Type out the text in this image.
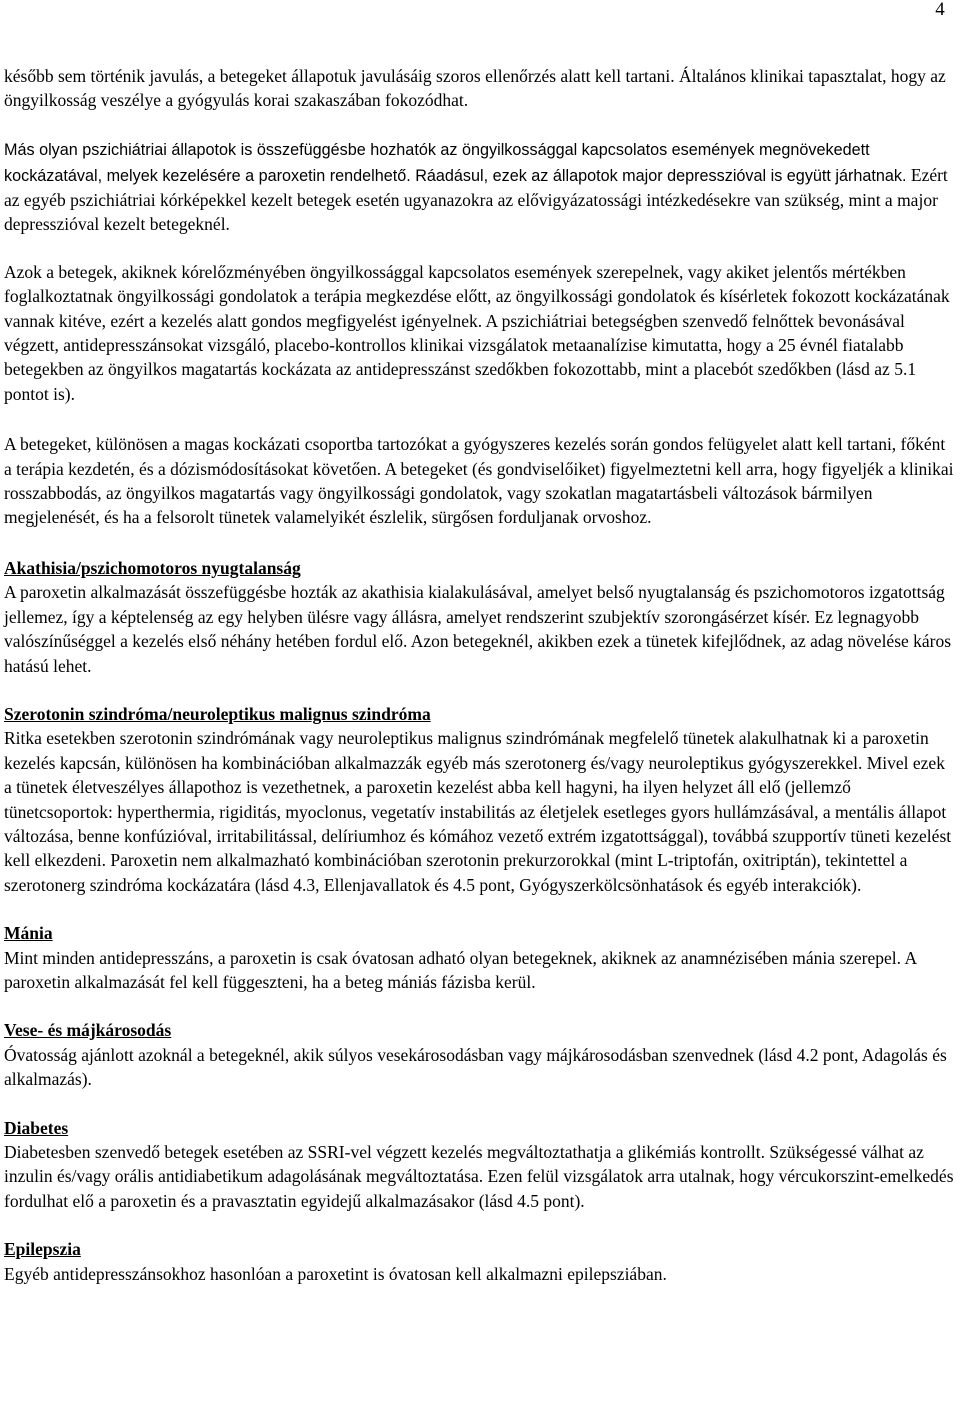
4

később sem történik javulás, a betegeket állapotuk javulásáig szoros ellenőrzés alatt kell tartani. Általános klinikai tapasztalat, hogy az öngyilkosság veszélye a gyógyulás korai szakaszában fokozódhat.

Más olyan pszichiátriai állapotok is összefüggésbe hozhatók az öngyilkossággal kapcsolatos események megnövekedett kockázatával, melyek kezelésére a paroxetin rendelhető. Ráadásul, ezek az állapotok major depresszióval is együtt járhatnak. Ezért az egyéb pszichiátriai kórképekkel kezelt betegek esetén ugyanazokra az elővigyázatossági intézkedésekre van szükség, mint a major depresszióval kezelt betegeknél.

Azok a betegek, akiknek kórelőzményében öngyilkossággal kapcsolatos események szerepelnek, vagy akiket jelentős mértékben foglalkoztatnak öngyilkossági gondolatok a terápia megkezdése előtt, az öngyilkossági gondolatok és kísérletek fokozott kockázatának vannak kitéve, ezért a kezelés alatt gondos megfigyelést igényelnek. A pszichiátriai betegségben szenvedő felnőttek bevonásával végzett, antidepresszánsokat vizsgáló, placebo-kontrollos klinikai vizsgálatok metaanalízise kimutatta, hogy a 25 évnél fiatalabb betegekben az öngyilkos magatartás kockázata az antidepresszánst szedőkben fokozottabb, mint a placebót szedőkben (lásd az 5.1 pontot is).

A betegeket, különösen a magas kockázati csoportba tartozókat a gyógyszeres kezelés során gondos felügyelet alatt kell tartani, főként a terápia kezdetén, és a dózismódosításokat követően. A betegeket (és gondviselőiket) figyelmeztetni kell arra, hogy figyeljék a klinikai rosszabbodás, az öngyilkos magatartás vagy öngyilkossági gondolatok, vagy szokatlan magatartásbeli változások bármilyen megjelenését, és ha a felsorolt tünetek valamelyikét észlelik, sürgősen forduljanak orvoshoz.

Akathisia/pszichomotoros nyugtalanság

A paroxetin alkalmazását összefüggésbe hozták az akathisia kialakulásával, amelyet belső nyugtalanság és pszichomotoros izgatottság jellemez, így a képtelenség az egy helyben ülésre vagy állásra, amelyet rendszerint szubjektív szorongásérzet kísér. Ez legnagyobb valószínűséggel a kezelés első néhány hetében fordul elő. Azon betegeknél, akikben ezek a tünetek kifejlődnek, az adag növelése káros hatású lehet.

Szerotonin szindróma/neuroleptikus malignus szindróma

Ritka esetekben szerotonin szindrómának vagy neuroleptikus malignus szindrómának megfelelő tünetek alakulhatnak ki a paroxetin kezelés kapcsán, különösen ha kombinációban alkalmazzák egyéb más szerotonerg és/vagy neuroleptikus gyógyszerekkel. Mivel ezek a tünetek életveszélyes állapothoz is vezethetnek, a paroxetin kezelést abba kell hagyni, ha ilyen helyzet áll elő (jellemző tünetcsoportok: hyperthermia, rigiditás, myoclonus, vegetatív instabilitás az életjelek esetleges gyors hullámzásával, a mentális állapot változása, benne konfúzióval, irritabilitással, delíriumhoz és kómához vezető extrém izgatottsággal), továbbá szupportív tüneti kezelést kell elkezdeni. Paroxetin nem alkalmazható kombinációban szerotonin prekurzorokkal (mint L-triptofán, oxitriptán), tekintettel a szerotonerg szindróma kockázatára (lásd 4.3, Ellenjavallatok és 4.5 pont, Gyógyszerkölcsönhatások és egyéb interakciók).

Mánia

Mint minden antidepresszáns, a paroxetin is csak óvatosan adható olyan betegeknek, akiknek az anamnézisében mánia szerepel. A paroxetin alkalmazását fel kell függeszteni, ha a beteg mániás fázisba kerül.

Vese- és májkárosodás

Óvatosság ajánlott azoknál a betegeknél, akik súlyos vesekárosodásban vagy májkárosodásban szenvednek (lásd 4.2 pont, Adagolás és alkalmazás).

Diabetes

Diabetesben szenvedő betegek esetében az SSRI-vel végzett kezelés megváltoztathatja a glikémiás kontrollt. Szükségessé válhat az inzulin és/vagy orális antidiabetikum adagolásának megváltoztatása. Ezen felül vizsgálatok arra utalnak, hogy vércukorszint-emelkedés fordulhat elő a paroxetin és a pravasztatin egyidejű alkalmazásakor (lásd 4.5 pont).

Epilepszia

Egyéb antidepresszánsokhoz hasonlóan a paroxetint is óvatosan kell alkalmazni epilepsziában.
